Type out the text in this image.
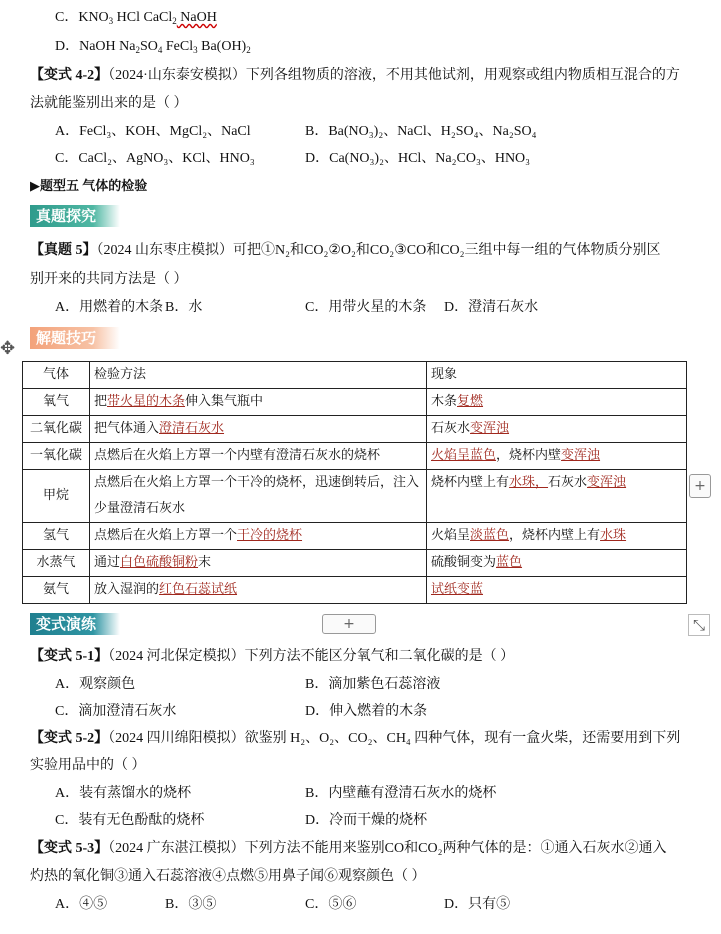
C．$KNO_3$ HCl CaCl$_2$ NaOH
D．NaOH $Na_2SO_4$ FeCl$_3$ $Ba(OH)_2$
【变式 4-2】（2024·山东泰安模拟）下列各组物质的溶液，不用其他试剂，用观察或组内物质相互混合的方
法就能鉴别出来的是（ ）
A．FeCl₃、KOH、MgCl₂、NaCl	B．Ba(NO₃)₂、NaCl、H₂SO₄、Na₂SO₄
C．CaCl₂、AgNO₃、KCl、HNO₃	D．Ca(NO₃)₂、HCl、Na₂CO₃、HNO₃
▶题型五 气体的检验
真题探究
【真题 5】（2024 山东枣庄模拟）可把①N₂和CO₂②O₂和CO₂③CO和CO₂三组中每一组的气体物质分别区
别开来的共同方法是（ ）
A．用燃着的木条 B．水	C．用带火星的木条 D．澄清石灰水
✥	解题技巧
气体	检验方法	现象
氧气	把带火星的木条伸入集气瓶中	木条复燃
二氧化碳	把气体通入澄清石灰水	石灰水变浑浊
一氧化碳	点燃后在火焰上方罩一个内壁有澄清石灰水的烧杯	火焰呈蓝色，烧杯内壁变浑浊
甲烷	点燃后在火焰上方罩一个干冷的烧杯，迅速倒转后，注入少量澄清石灰水	烧杯内壁上有水珠，石灰水变浑浊
氢气	点燃后在火焰上方罩一个干冷的烧杯	火焰呈淡蓝色，烧杯内壁上有水珠
水蒸气	通过白色硫酸铜粉末	硫酸铜变为蓝色
氨气	放入湿润的红色石蕊试纸	试纸变蓝
+
+	⤡
变式演练
【变式 5-1】（2024 河北保定模拟）下列方法不能区分氧气和二氧化碳的是（ ）
A．观察颜色	B．滴加紫色石蕊溶液
C．滴加澄清石灰水	D．伸入燃着的木条
【变式 5-2】（2024 四川绵阳模拟）欲鉴别 H₂、O₂、CO₂、CH₄ 四种气体，现有一盒火柴，还需要用到下列
实验用品中的（ ）
A．装有蒸馏水的烧杯	B．内壁蘸有澄清石灰水的烧杯
C．装有无色酚酞的烧杯	D．冷而干燥的烧杯
【变式 5-3】（2024 广东湛江模拟）下列方法不能用来鉴别CO和CO₂两种气体的是：①通入石灰水②通入
灼热的氧化铜③通入石蕊溶液④点燃⑤用鼻子闻⑥观察颜色（ ）
A．④⑤	B．③⑤	C．⑤⑥	D．只有⑤
